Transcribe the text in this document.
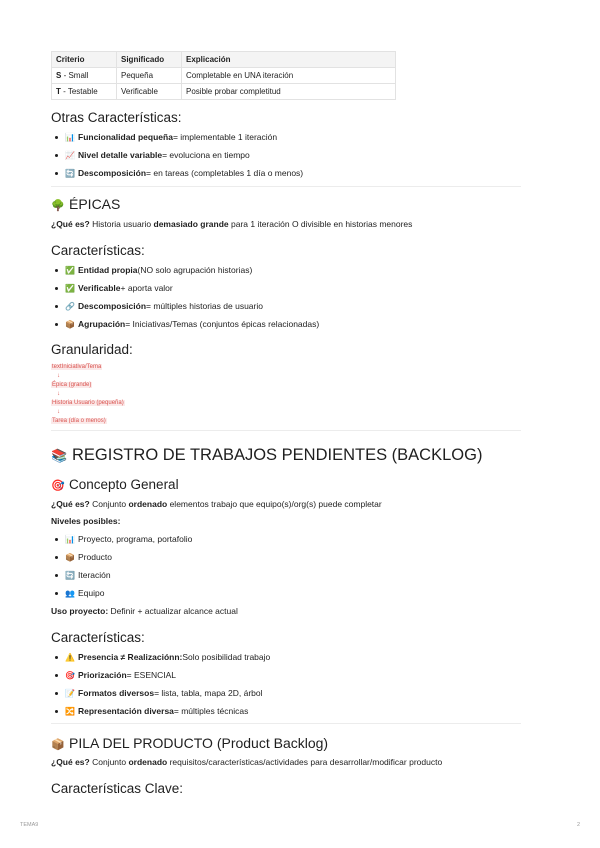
Criterio	Significado	Explicación
S - Small	Pequeña	Completable en UNA iteración
T - Testable	Verificable	Posible probar completitud
Otras Características:
📊 Funcionalidad pequeña = implementable 1 iteración
📈 Nivel detalle variable = evoluciona en tiempo
🔄 Descomposición = en tareas (completables 1 día o menos)
🌳 ÉPICAS
¿Qué es? Historia usuario demasiado grande para 1 iteración O divisible en historias menores
Características:
✅ Entidad propia (NO solo agrupación historias)
✅ Verificable + aporta valor
🔗 Descomposición = múltiples historias de usuario
📦 Agrupación = Iniciativas/Temas (conjuntos épicas relacionadas)
Granularidad:
textIniciativa/Tema
↓
Épica (grande)
↓
Historia Usuario (pequeña)
↓
Tarea (día o menos)
📚 REGISTRO DE TRABAJOS PENDIENTES (BACKLOG)
🎯 Concepto General
¿Qué es? Conjunto ordenado elementos trabajo que equipo(s)/org(s) puede completar
Niveles posibles:
📊 Proyecto, programa, portafolio
📦 Producto
🔄 Iteración
👥 Equipo
Uso proyecto: Definir + actualizar alcance actual
Características:
⚠️ Presencia ≠ Realizaciónn: Solo posibilidad trabajo
🎯 Priorización = ESENCIAL
📝 Formatos diversos = lista, tabla, mapa 2D, árbol
🔀 Representación diversa = múltiples técnicas
📦 PILA DEL PRODUCTO (Product Backlog)
¿Qué es? Conjunto ordenado requisitos/características/actividades para desarrollar/modificar producto
Características Clave:
TEMA9	2
